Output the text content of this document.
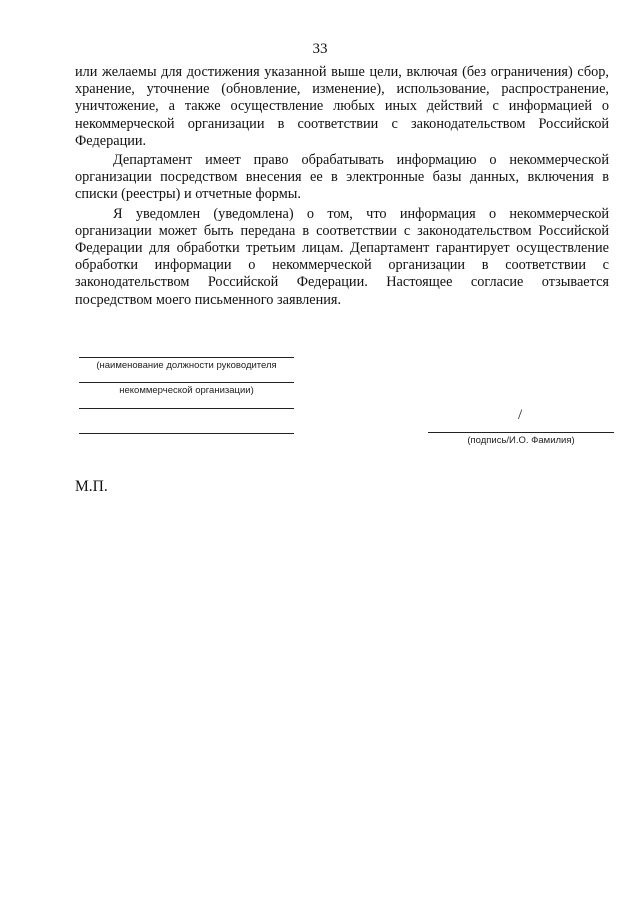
33

или желаемы для достижения указанной выше цели, включая (без ограничения) сбор, хранение, уточнение (обновление, изменение), использование, распространение, уничтожение, а также осуществление любых иных действий с информацией о некоммерческой организации в соответствии с законодательством Российской Федерации.

Департамент имеет право обрабатывать информацию о некоммерческой организации посредством внесения ее в электронные базы данных, включения в списки (реестры) и отчетные формы.

Я уведомлен (уведомлена) о том, что информация о некоммерческой организации может быть передана в соответствии с законодательством Российской Федерации для обработки третьим лицам. Департамент гарантирует осуществление обработки информации о некоммерческой организации в соответствии с законодательством Российской Федерации. Настоящее согласие отзывается посредством моего письменного заявления.

(наименование должности руководителя
некоммерческой организации)
/
(подпись/И.О. Фамилия)
М.П.
